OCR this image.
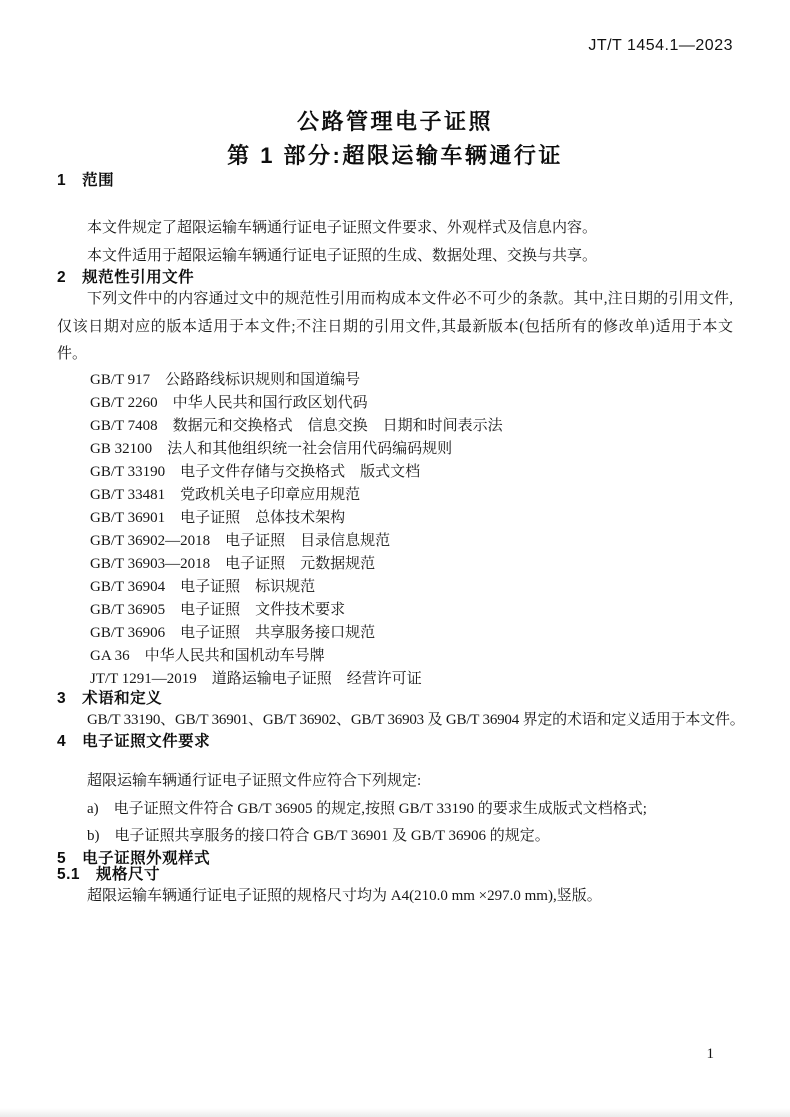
JT/T 1454.1—2023
公路管理电子证照
第 1 部分:超限运输车辆通行证
1　范围

本文件规定了超限运输车辆通行证电子证照文件要求、外观样式及信息内容。

本文件适用于超限运输车辆通行证电子证照的生成、数据处理、交换与共享。

2　规范性引用文件

下列文件中的内容通过文中的规范性引用而构成本文件必不可少的条款。其中,注日期的引用文件,仅该日期对应的版本适用于本文件;不注日期的引用文件,其最新版本(包括所有的修改单)适用于本文件。

GB/T 917　公路路线标识规则和国道编号

GB/T 2260　中华人民共和国行政区划代码

GB/T 7408　数据元和交换格式　信息交换　日期和时间表示法

GB 32100　法人和其他组织统一社会信用代码编码规则

GB/T 33190　电子文件存储与交换格式　版式文档

GB/T 33481　党政机关电子印章应用规范

GB/T 36901　电子证照　总体技术架构

GB/T 36902—2018　电子证照　目录信息规范

GB/T 36903—2018　电子证照　元数据规范

GB/T 36904　电子证照　标识规范

GB/T 36905　电子证照　文件技术要求

GB/T 36906　电子证照　共享服务接口规范

GA 36　中华人民共和国机动车号牌

JT/T 1291—2019　道路运输电子证照　经营许可证

3　术语和定义

GB/T 33190、GB/T 36901、GB/T 36902、GB/T 36903 及 GB/T 36904 界定的术语和定义适用于本文件。

4　电子证照文件要求

超限运输车辆通行证电子证照文件应符合下列规定:

a)　电子证照文件符合 GB/T 36905 的规定,按照 GB/T 33190 的要求生成版式文档格式;

b)　电子证照共享服务的接口符合 GB/T 36901 及 GB/T 36906 的规定。

5　电子证照外观样式
5.1　规格尺寸

超限运输车辆通行证电子证照的规格尺寸均为 A4(210.0 mm ×297.0 mm),竖版。

1
